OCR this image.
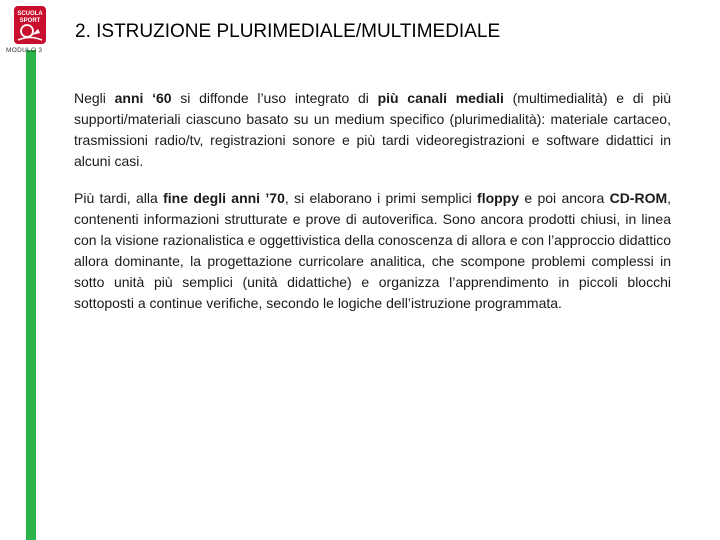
SCUOLA
SPORT
MODULO 3
2. ISTRUZIONE PLURIMEDIALE/MULTIMEDIALE

Negli anni ‘60 si diffonde l’uso integrato di più canali mediali (multimedialità) e di più supporti/materiali ciascuno basato su un medium specifico (plurimedialità): materiale cartaceo, trasmissioni radio/tv, registrazioni sonore e più tardi videoregistrazioni e software didattici in alcuni casi.

Più tardi, alla fine degli anni ’70, si elaborano i primi semplici floppy e poi ancora CD-ROM, contenenti informazioni strutturate e prove di autoverifica. Sono ancora prodotti chiusi, in linea con la visione razionalistica e oggettivistica della conoscenza di allora e con l’approccio didattico allora dominante, la progettazione curricolare analitica, che scompone problemi complessi in sotto unità più semplici (unità didattiche) e organizza l’apprendimento in piccoli blocchi sottoposti a continue verifiche, secondo le logiche dell’istruzione programmata.
